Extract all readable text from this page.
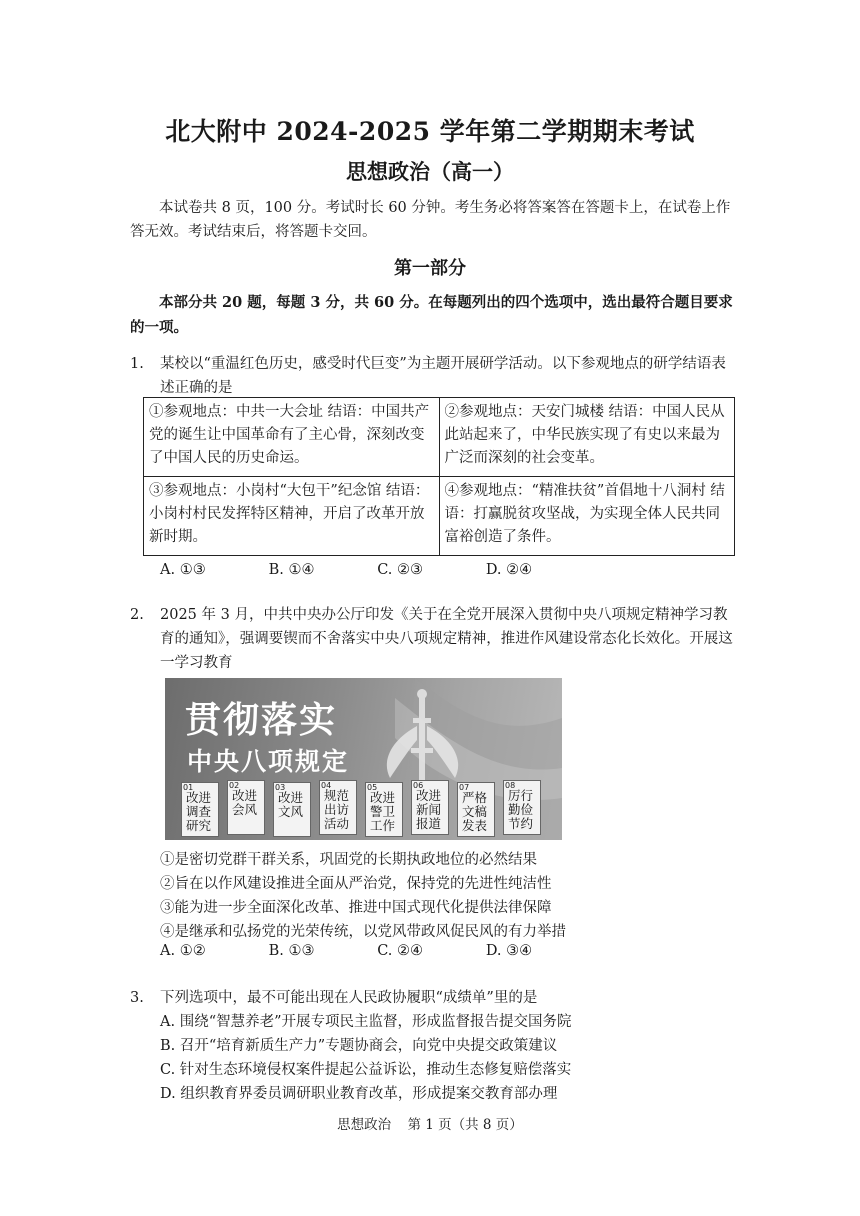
北大附中 2024-2025 学年第二学期期末考试
思想政治（高一）
本试卷共 8 页，100 分。考试时长 60 分钟。考生务必将答案答在答题卡上，在试卷上作答无效。考试结束后，将答题卡交回。
第一部分
本部分共 20 题，每题 3 分，共 60 分。在每题列出的四个选项中，选出最符合题目要求的一项。
1. 某校以“重温红色历史，感受时代巨变”为主题开展研学活动。以下参观地点的研学结语表述正确的是
①参观地点：中共一大会址 结语：中国共产党的诞生让中国革命有了主心骨，深刻改变了中国人民的历史命运。	②参观地点：天安门城楼 结语：中国人民从此站起来了，中华民族实现了有史以来最为广泛而深刻的社会变革。
③参观地点：小岗村“大包干”纪念馆 结语：小岗村村民发挥特区精神，开启了改革开放新时期。	④参观地点：“精准扶贫”首倡地十八洞村 结语：打赢脱贫攻坚战，为实现全体人民共同富裕创造了条件。
A. ①③	B. ①④	C. ②③	D. ②④
2. 2025 年 3 月，中共中央办公厅印发《关于在全党开展深入贯彻中央八项规定精神学习教育的通知》，强调要锲而不舍落实中央八项规定精神，推进作风建设常态化长效化。开展这一学习教育
贯彻落实
中央八项规定
01
改进调查研究
02
改进会风
03
改进文风
04
规范出访活动
05
改进警卫工作
06
改进新闻报道
07
严格文稿发表
08
厉行勤俭节约
①是密切党群干群关系，巩固党的长期执政地位的必然结果
②旨在以作风建设推进全面从严治党，保持党的先进性纯洁性
③能为进一步全面深化改革、推进中国式现代化提供法律保障
④是继承和弘扬党的光荣传统，以党风带政风促民风的有力举措
A. ①②	B. ①③	C. ②④	D. ③④
3. 下列选项中，最不可能出现在人民政协履职“成绩单”里的是
A. 围绕“智慧养老”开展专项民主监督，形成监督报告提交国务院
B. 召开“培育新质生产力”专题协商会，向党中央提交政策建议
C. 针对生态环境侵权案件提起公益诉讼，推动生态修复赔偿落实
D. 组织教育界委员调研职业教育改革，形成提案交教育部办理
思想政治 第 1 页（共 8 页）
